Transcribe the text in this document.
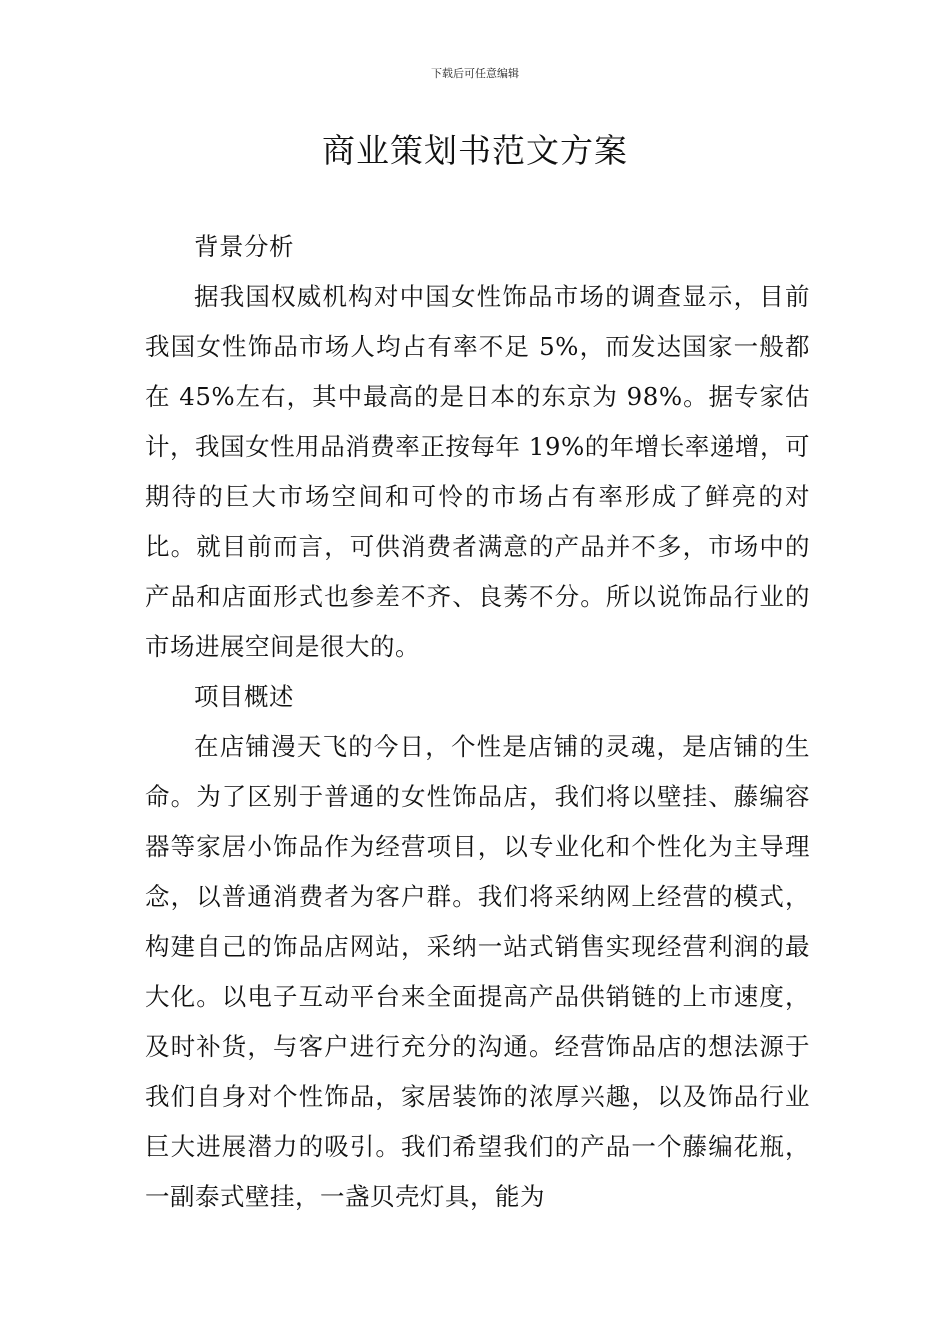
下载后可任意编辑
商业策划书范文方案

背景分析

据我国权威机构对中国女性饰品市场的调查显示，目前我国女性饰品市场人均占有率不足 5%，而发达国家一般都在 45%左右，其中最高的是日本的东京为 98%。据专家估计，我国女性用品消费率正按每年 19%的年增长率递增，可期待的巨大市场空间和可怜的市场占有率形成了鲜亮的对比。就目前而言，可供消费者满意的产品并不多，市场中的产品和店面形式也参差不齐、良莠不分。所以说饰品行业的市场进展空间是很大的。

项目概述

在店铺漫天飞的今日，个性是店铺的灵魂，是店铺的生命。为了区别于普通的女性饰品店，我们将以壁挂、藤编容器等家居小饰品作为经营项目，以专业化和个性化为主导理念，以普通消费者为客户群。我们将采纳网上经营的模式，构建自己的饰品店网站，采纳一站式销售实现经营利润的最大化。以电子互动平台来全面提高产品供销链的上市速度，及时补货，与客户进行充分的沟通。经营饰品店的想法源于我们自身对个性饰品，家居装饰的浓厚兴趣，以及饰品行业巨大进展潜力的吸引。我们希望我们的产品一个藤编花瓶，一副泰式壁挂，一盏贝壳灯具，能为
